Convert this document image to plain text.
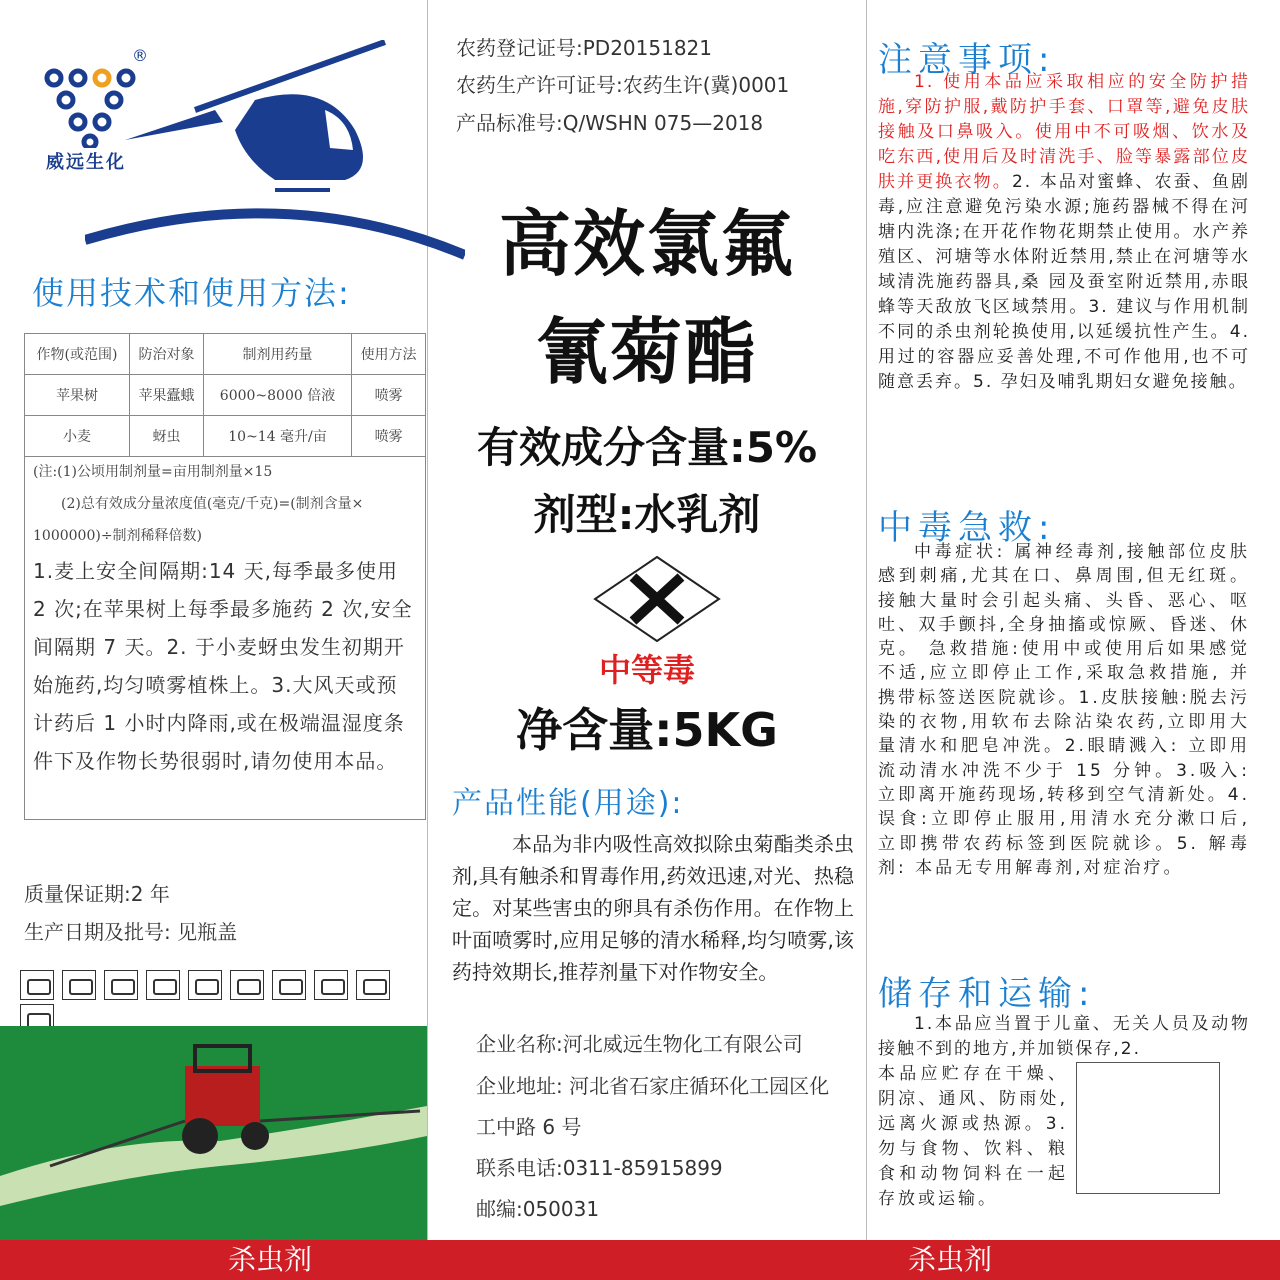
®
威远生化
使用技术和使用方法:
作物(或范围)	防治对象	制剂用药量	使用方法
苹果树	苹果蠹蛾	6000~8000 倍液	喷雾
小麦	蚜虫	10~14 毫升/亩	喷雾
(注:(1)公顷用制剂量=亩用制剂量×15
(2)总有效成分量浓度值(毫克/千克)=(制剂含量×
1000000)÷制剂稀释倍数)
1.麦上安全间隔期:14 天,每季最多使用 2 次;在苹果树上每季最多施药 2 次,安全间隔期 7 天。2. 于小麦蚜虫发生初期开始施药,均匀喷雾植株上。3.大风天或预计药后 1 小时内降雨,或在极端温湿度条件下及作物长势很弱时,请勿使用本品。
质量保证期:2 年
生产日期及批号: 见瓶盖
农药登记证号:PD20151821
农药生产许可证号:农药生许(冀)0001
产品标准号:Q/WSHN 075—2018
高效氯氟
氰菊酯
有效成分含量:5%
剂型:水乳剂
中等毒
净含量:5KG
产品性能(用途):
本品为非内吸性高效拟除虫菊酯类杀虫剂,具有触杀和胃毒作用,药效迅速,对光、热稳定。对某些害虫的卵具有杀伤作用。在作物上叶面喷雾时,应用足够的清水稀释,均匀喷雾,该药持效期长,推荐剂量下对作物安全。
企业名称:河北威远生物化工有限公司
企业地址: 河北省石家庄循环化工园区化
工中路 6 号
联系电话:0311-85915899
邮编:050031
注意事项:
1. 使用本品应采取相应的安全防护措施,穿防护服,戴防护手套、口罩等,避免皮肤接触及口鼻吸入。使用中不可吸烟、饮水及吃东西,使用后及时清洗手、脸等暴露部位皮肤并更换衣物。2. 本品对蜜蜂、农蚕、鱼剧毒,应注意避免污染水源;施药器械不得在河塘内洗涤;在开花作物花期禁止使用。水产养殖区、河塘等水体附近禁用,禁止在河塘等水域清洗施药器具,桑 园及蚕室附近禁用,赤眼蜂等天敌放飞区域禁用。3. 建议与作用机制不同的杀虫剂轮换使用,以延缓抗性产生。4. 用过的容器应妥善处理,不可作他用,也不可随意丢弃。5. 孕妇及哺乳期妇女避免接触。
中毒急救:
中毒症状: 属神经毒剂,接触部位皮肤感到刺痛,尤其在口、鼻周围,但无红斑。接触大量时会引起头痛、头昏、恶心、呕吐、双手颤抖,全身抽搐或惊厥、昏迷、休克。 急救措施:使用中或使用后如果感觉不适,应立即停止工作,采取急救措施, 并携带标签送医院就诊。1.皮肤接触:脱去污染的衣物,用软布去除沾染农药,立即用大量清水和肥皂冲洗。2.眼睛溅入: 立即用流动清水冲洗不少于 15 分钟。3.吸入:立即离开施药现场,转移到空气清新处。4.误食:立即停止服用,用清水充分漱口后, 立即携带农药标签到医院就诊。5. 解毒剂: 本品无专用解毒剂,对症治疗。
储存和运输:
1.本品应当置于儿童、无关人员及动物接触不到的地方,并加锁保存,2.
本品应贮存在干燥、阴凉、通风、防雨处,远离火源或热源。3.勿与食物、饮料、粮食和动物饲料在一起存放或运输。
杀虫剂	杀虫剂
